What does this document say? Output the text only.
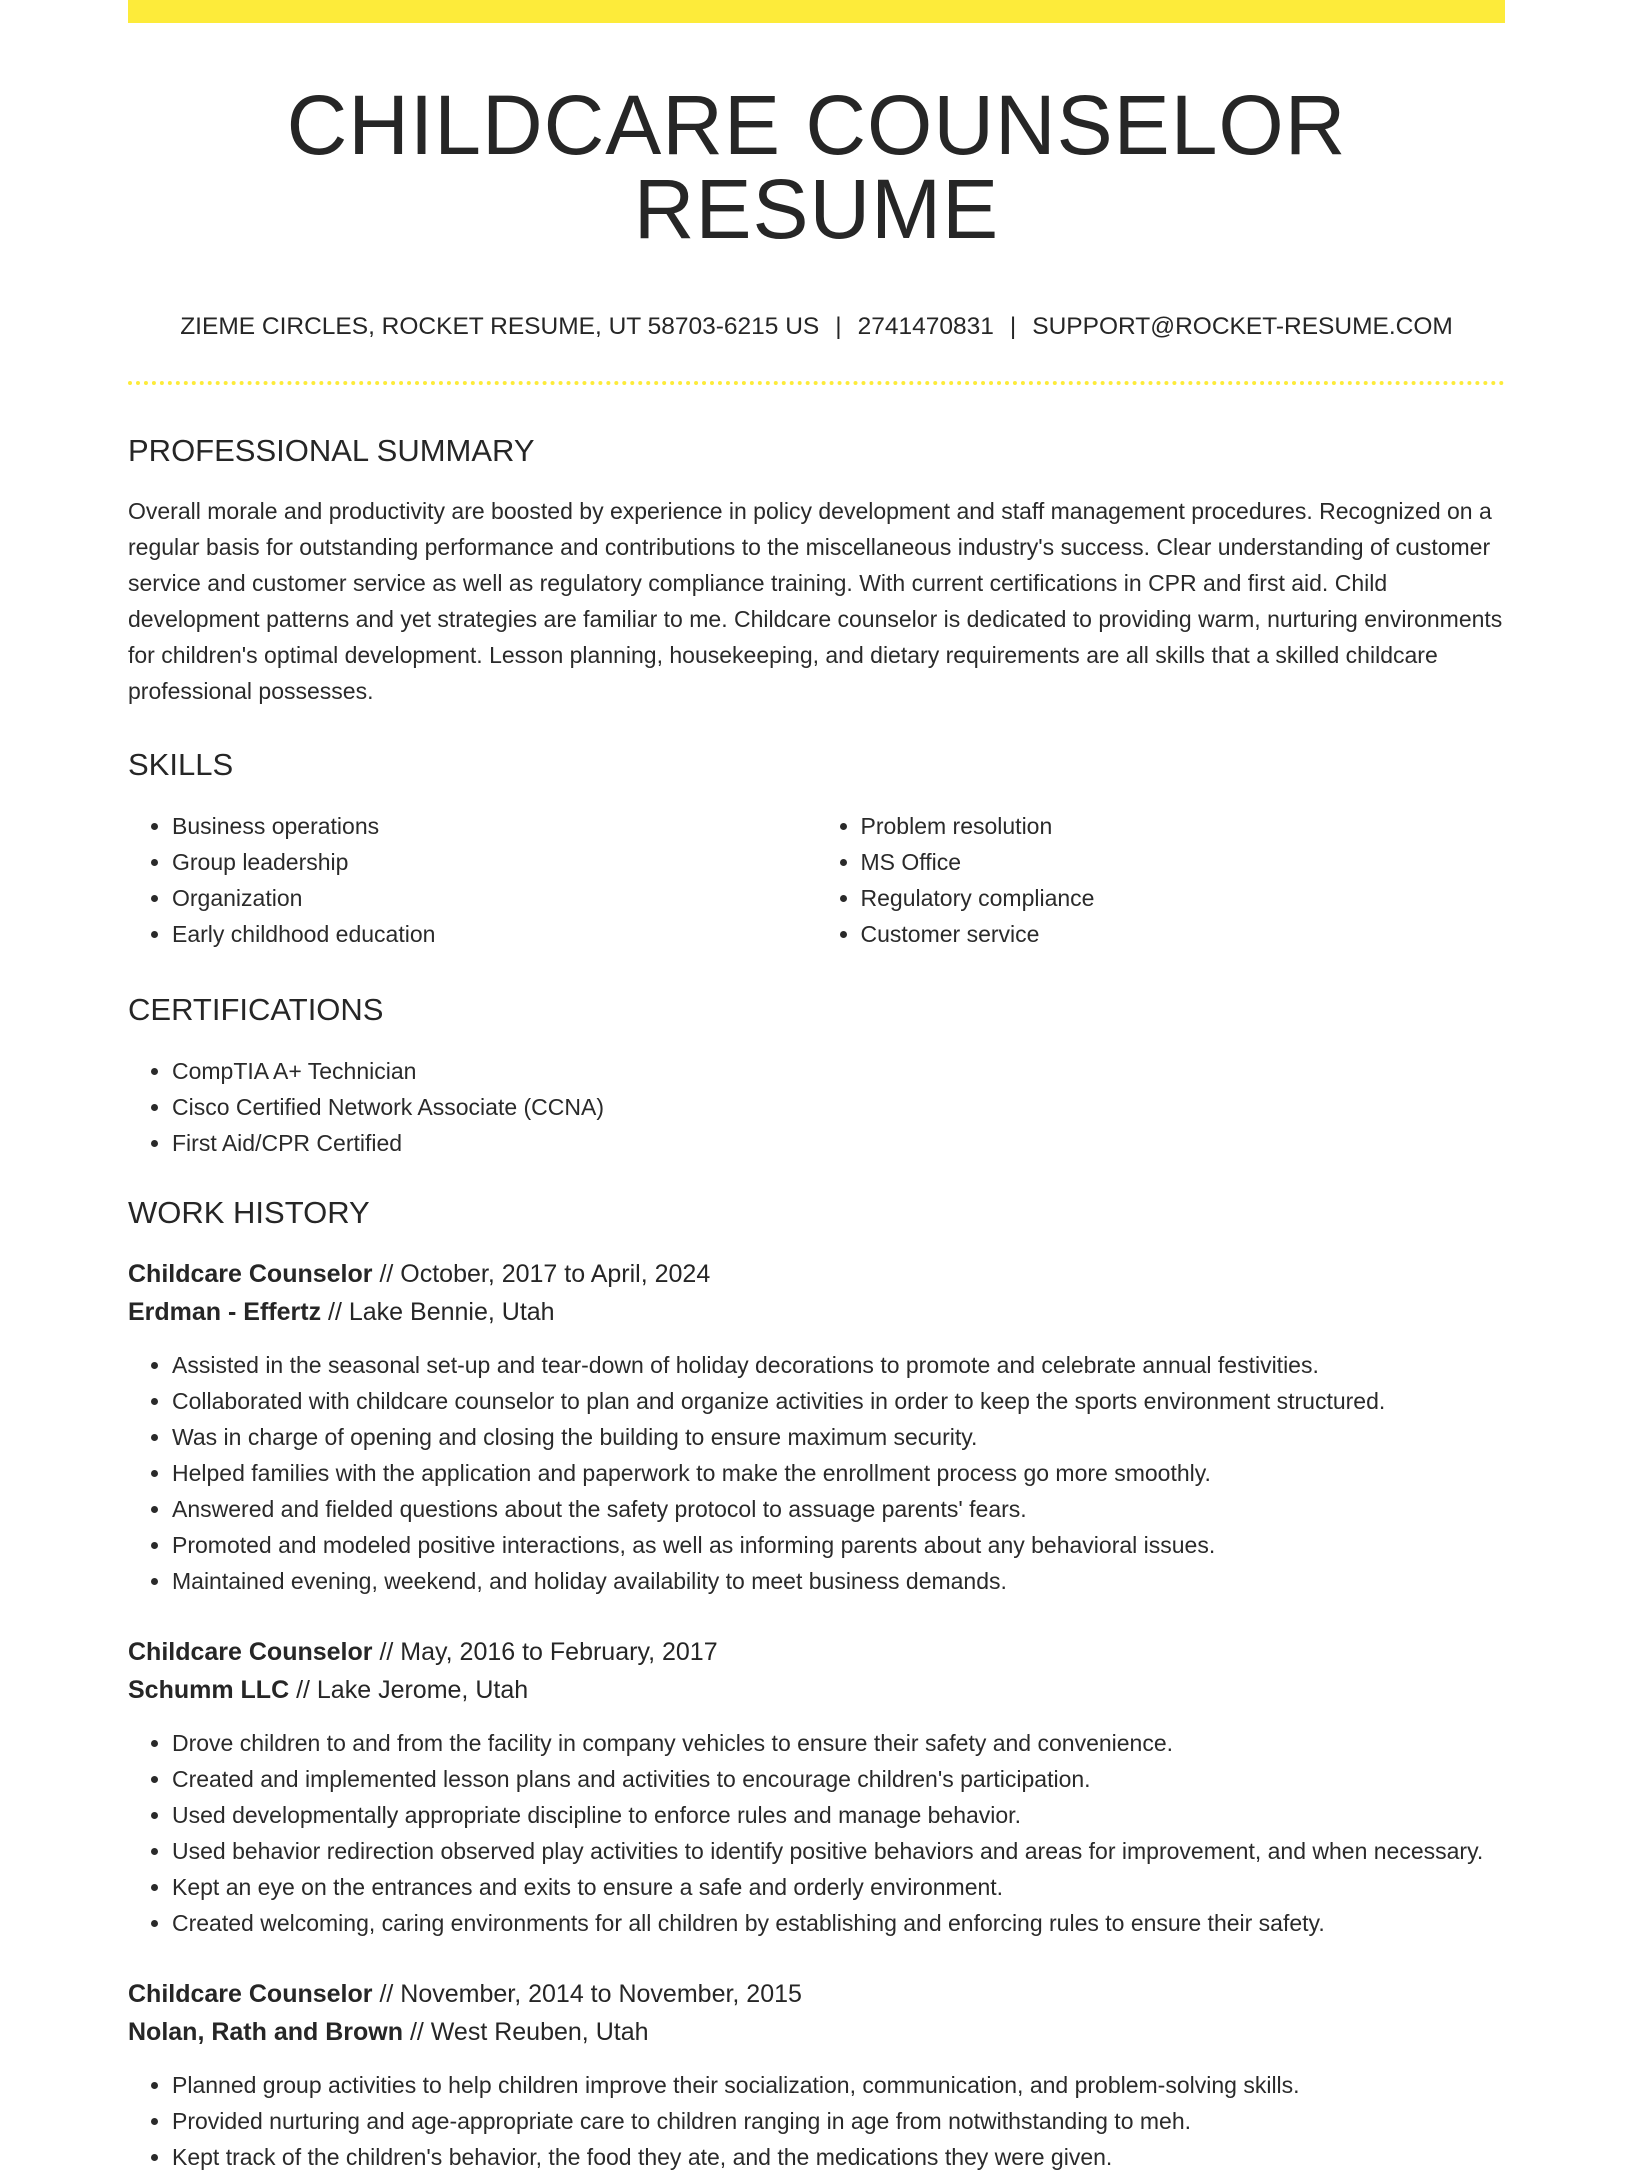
CHILDCARE COUNSELOR RESUME
ZIEME CIRCLES, ROCKET RESUME, UT 58703-6215 US | 2741470831 | SUPPORT@ROCKET-RESUME.COM
PROFESSIONAL SUMMARY

Overall morale and productivity are boosted by experience in policy development and staff management procedures. Recognized on a regular basis for outstanding performance and contributions to the miscellaneous industry's success. Clear understanding of customer service and customer service as well as regulatory compliance training. With current certifications in CPR and first aid. Child development patterns and yet strategies are familiar to me. Childcare counselor is dedicated to providing warm, nurturing environments for children's optimal development. Lesson planning, housekeeping, and dietary requirements are all skills that a skilled childcare professional possesses.

SKILLS
• Business operations
• Group leadership
• Organization
• Early childhood education
• Problem resolution
• MS Office
• Regulatory compliance
• Customer service
CERTIFICATIONS
• CompTIA A+ Technician
• Cisco Certified Network Associate (CCNA)
• First Aid/CPR Certified
WORK HISTORY
Childcare Counselor // October, 2017 to April, 2024
Erdman - Effertz // Lake Bennie, Utah
• Assisted in the seasonal set-up and tear-down of holiday decorations to promote and celebrate annual festivities.
• Collaborated with childcare counselor to plan and organize activities in order to keep the sports environment structured.
• Was in charge of opening and closing the building to ensure maximum security.
• Helped families with the application and paperwork to make the enrollment process go more smoothly.
• Answered and fielded questions about the safety protocol to assuage parents' fears.
• Promoted and modeled positive interactions, as well as informing parents about any behavioral issues.
• Maintained evening, weekend, and holiday availability to meet business demands.
Childcare Counselor // May, 2016 to February, 2017
Schumm LLC // Lake Jerome, Utah
• Drove children to and from the facility in company vehicles to ensure their safety and convenience.
• Created and implemented lesson plans and activities to encourage children's participation.
• Used developmentally appropriate discipline to enforce rules and manage behavior.
• Used behavior redirection observed play activities to identify positive behaviors and areas for improvement, and when necessary.
• Kept an eye on the entrances and exits to ensure a safe and orderly environment.
• Created welcoming, caring environments for all children by establishing and enforcing rules to ensure their safety.
Childcare Counselor // November, 2014 to November, 2015
Nolan, Rath and Brown // West Reuben, Utah
• Planned group activities to help children improve their socialization, communication, and problem-solving skills.
• Provided nurturing and age-appropriate care to children ranging in age from notwithstanding to meh.
• Kept track of the children's behavior, the food they ate, and the medications they were given.
